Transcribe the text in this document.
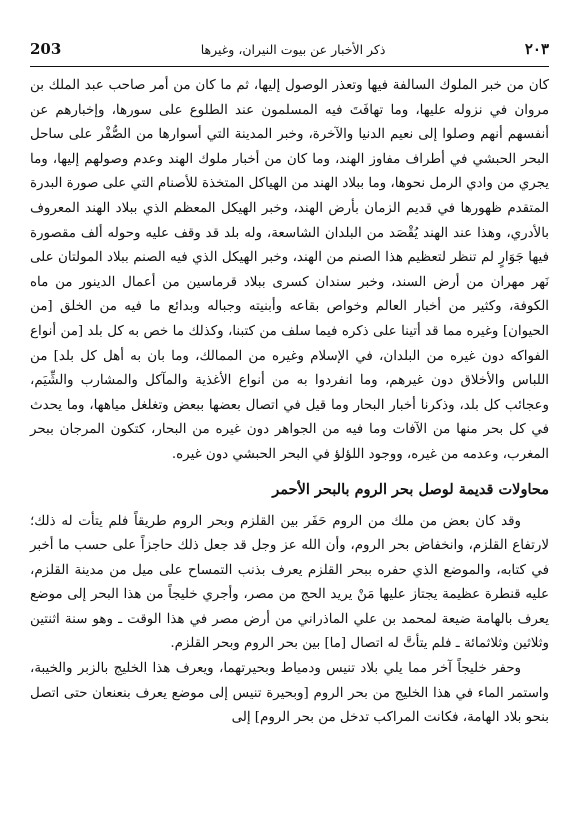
203	ذكر الأخبار عن بيوت النيران، وغيرها	٢٠٣

كان من خبر الملوك السالفة فيها وتعذر الوصول إليها، ثم ما كان من أمر صاحب عبد الملك بن مروان في نزوله عليها، وما تهافَتَ فيه المسلمون عند الطلوع على سورها، وإخبارهم عن أنفسهم أنهم وصلوا إلى نعيم الدنيا والآخرة، وخبر المدينة التي أسوارها من الصُّفْر على ساحل البحر الحبشي في أطراف مفاوز الهند، وما كان من أخبار ملوك الهند وعدم وصولهم إليها، وما يجري من وادي الرمل نحوها، وما ببلاد الهند من الهياكل المتخذة للأصنام التي على صورة البدرة المتقدم ظهورها في قديم الزمان بأرض الهند، وخبر الهيكل المعظم الذي ببلاد الهند المعروف بالأدري، وهذا عند الهند يُقْصَد من البلدان الشاسعة، وله بلد قد وقف عليه وحوله ألف مقصورة فيها جَوَارٍ لم تنظر لتعظيم هذا الصنم من الهند، وخبر الهيكل الذي فيه الصنم ببلاد المولتان على نَهر مهران من أرض السند، وخبر سندان كسرى ببلاد قرماسين من أعمال الدينور من ماه الكوفة، وكثير من أخبار العالم وخواص بقاعه وأبنيته وجباله وبدائع ما فيه من الخلق [من الحيوان] وغيره مما قد أتينا على ذكره فيما سلف من كتبنا، وكذلك ما خص به كل بلد [من أنواع الفواكه دون غيره من البلدان، في الإسلام وغيره من الممالك، وما بان به أهل كل بلد] من اللباس والأخلاق دون غيرهم، وما انفردوا به من أنواع الأغذية والمآكل والمشارب والشِّيَم، وعجائب كل بلد، وذكرنا أخبار البحار وما قيل في اتصال بعضها ببعض وتغلغل مياهها، وما يحدث في كل بحر منها من الآفات وما فيه من الجواهر دون غيره من البحار، كتكون المرجان ببحر المغرب، وعدمه من غيره، ووجود اللؤلؤ في البحر الحبشي دون غيره.

محاولات قديمة لوصل بحر الروم بالبحر الأحمر

وقد كان بعض من ملك من الروم حَفَر بين القلزم وبحر الروم طريقاً فلم يتأت له ذلك؛ لارتفاع القلزم، وانخفاض بحر الروم، وأن الله عز وجل قد جعل ذلك حاجزاً على حسب ما أخبر في كتابه، والموضع الذي حفره ببحر القلزم يعرف بذنب التمساح على ميل من مدينة القلزم، عليه قنطرة عظيمة يجتاز عليها مَنْ يريد الحج من مصر، وأجري خليجاً من هذا البحر إلى موضع يعرف بالهامة ضيعة لمحمد بن علي الماذراني من أرض مصر في هذا الوقت ـ وهو سنة اثنتين وثلاثين وثلاثمائة ـ فلم يتأتَّ له اتصال [ما] بين بحر الروم وبحر القلزم.

وحفر خليجاً آخر مما يلي بلاد تنيس ودمياط وبحيرتهما، ويعرف هذا الخليج بالزبر والخيبة، واستمر الماء في هذا الخليج من بحر الروم [وبحيرة تنيس إلى موضع يعرف بنعنعان حتى اتصل بنحو بلاد الهامة، فكانت المراكب تدخل من بحر الروم] إلى
